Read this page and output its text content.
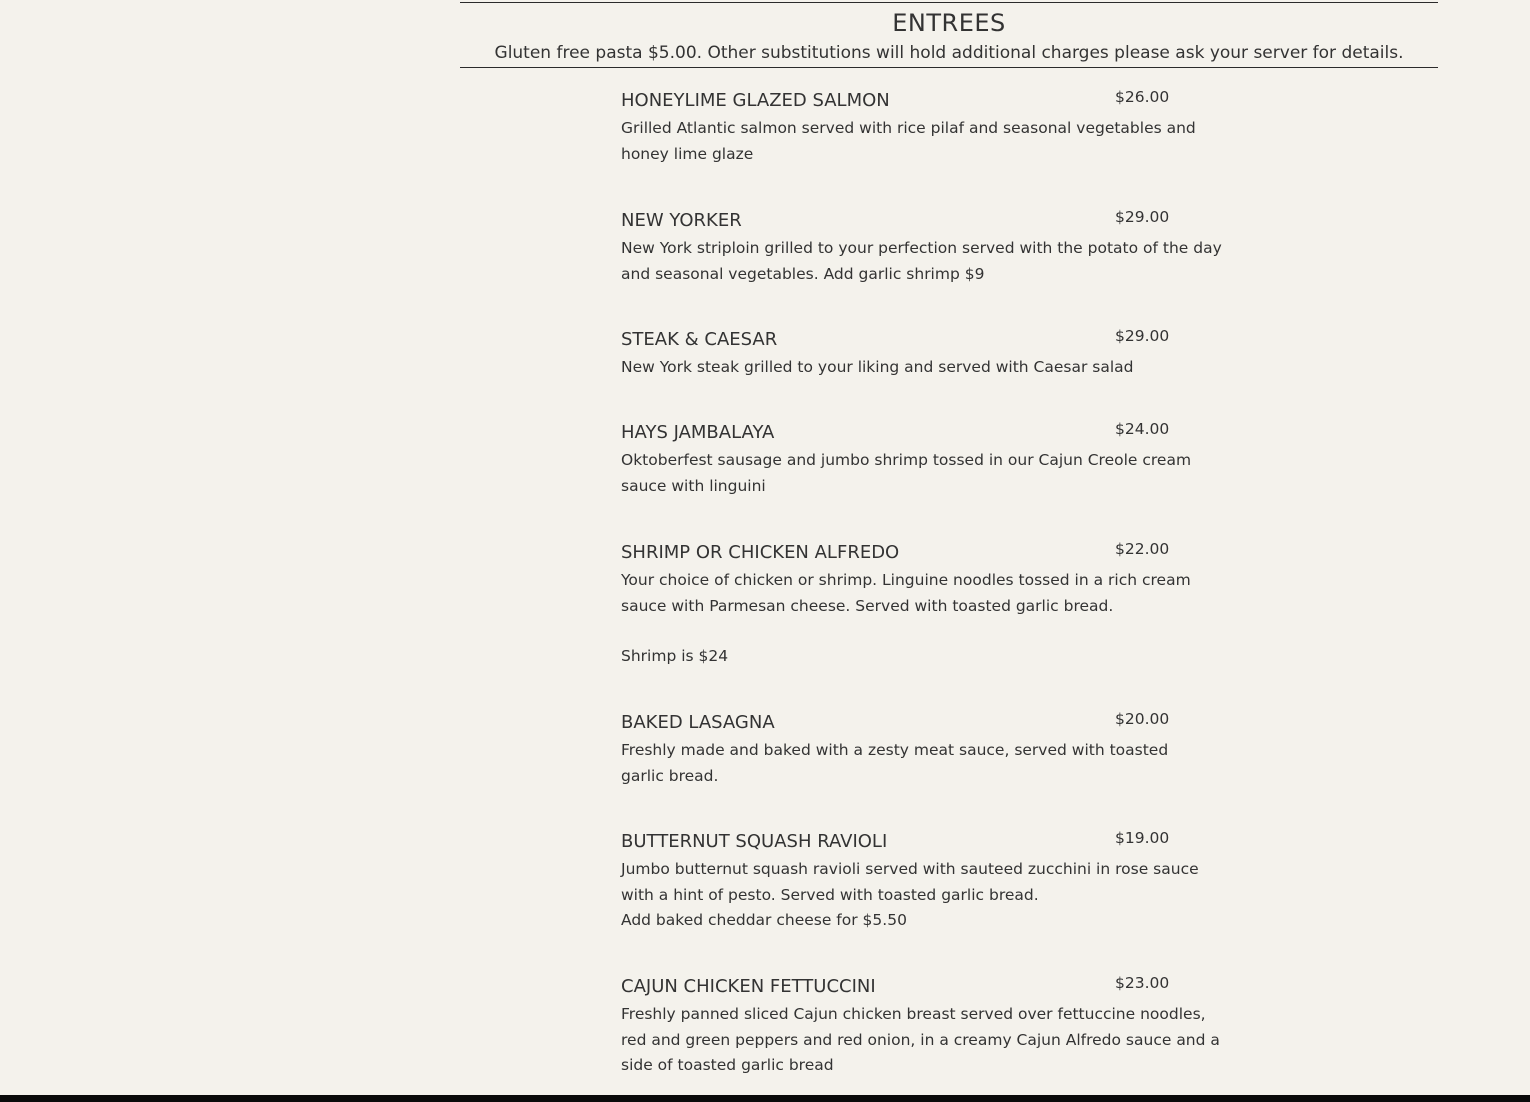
ENTREES
Gluten free pasta $5.00. Other substitutions will hold additional charges please ask your server for details.
HONEYLIME GLAZED SALMON	$26.00
Grilled Atlantic salmon served with rice pilaf and seasonal vegetables and honey lime glaze
NEW YORKER	$29.00
New York striploin grilled to your perfection served with the potato of the day and seasonal vegetables. Add garlic shrimp $9
STEAK & CAESAR	$29.00
New York steak grilled to your liking and served with Caesar salad
HAYS JAMBALAYA	$24.00
Oktoberfest sausage and jumbo shrimp tossed in our Cajun Creole cream sauce with linguini
SHRIMP OR CHICKEN ALFREDO	$22.00
Your choice of chicken or shrimp. Linguine noodles tossed in a rich cream sauce with Parmesan cheese. Served with toasted garlic bread.
Shrimp is $24
BAKED LASAGNA	$20.00
Freshly made and baked with a zesty meat sauce, served with toasted garlic bread.
BUTTERNUT SQUASH RAVIOLI	$19.00
Jumbo butternut squash ravioli served with sauteed zucchini in rose sauce with a hint of pesto. Served with toasted garlic bread.
Add baked cheddar cheese for $5.50
CAJUN CHICKEN FETTUCCINI	$23.00
Freshly panned sliced Cajun chicken breast served over fettuccine noodles, red and green peppers and red onion, in a creamy Cajun Alfredo sauce and a side of toasted garlic bread
